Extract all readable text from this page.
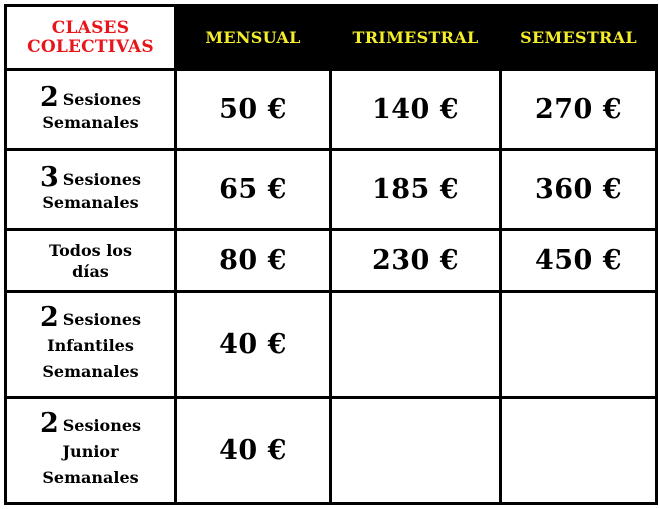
CLASES
COLECTIVAS	MENSUAL	TRIMESTRAL	SEMESTRAL

2 Sesiones
Semanales	50 €	140 €	270 €

3 Sesiones
Semanales	65 €	185 €	360 €

Todos los
días	80 €	230 €	450 €

2 Sesiones
Infantiles
Semanales	40 €		

2 Sesiones
Junior
Semanales	40 €		
